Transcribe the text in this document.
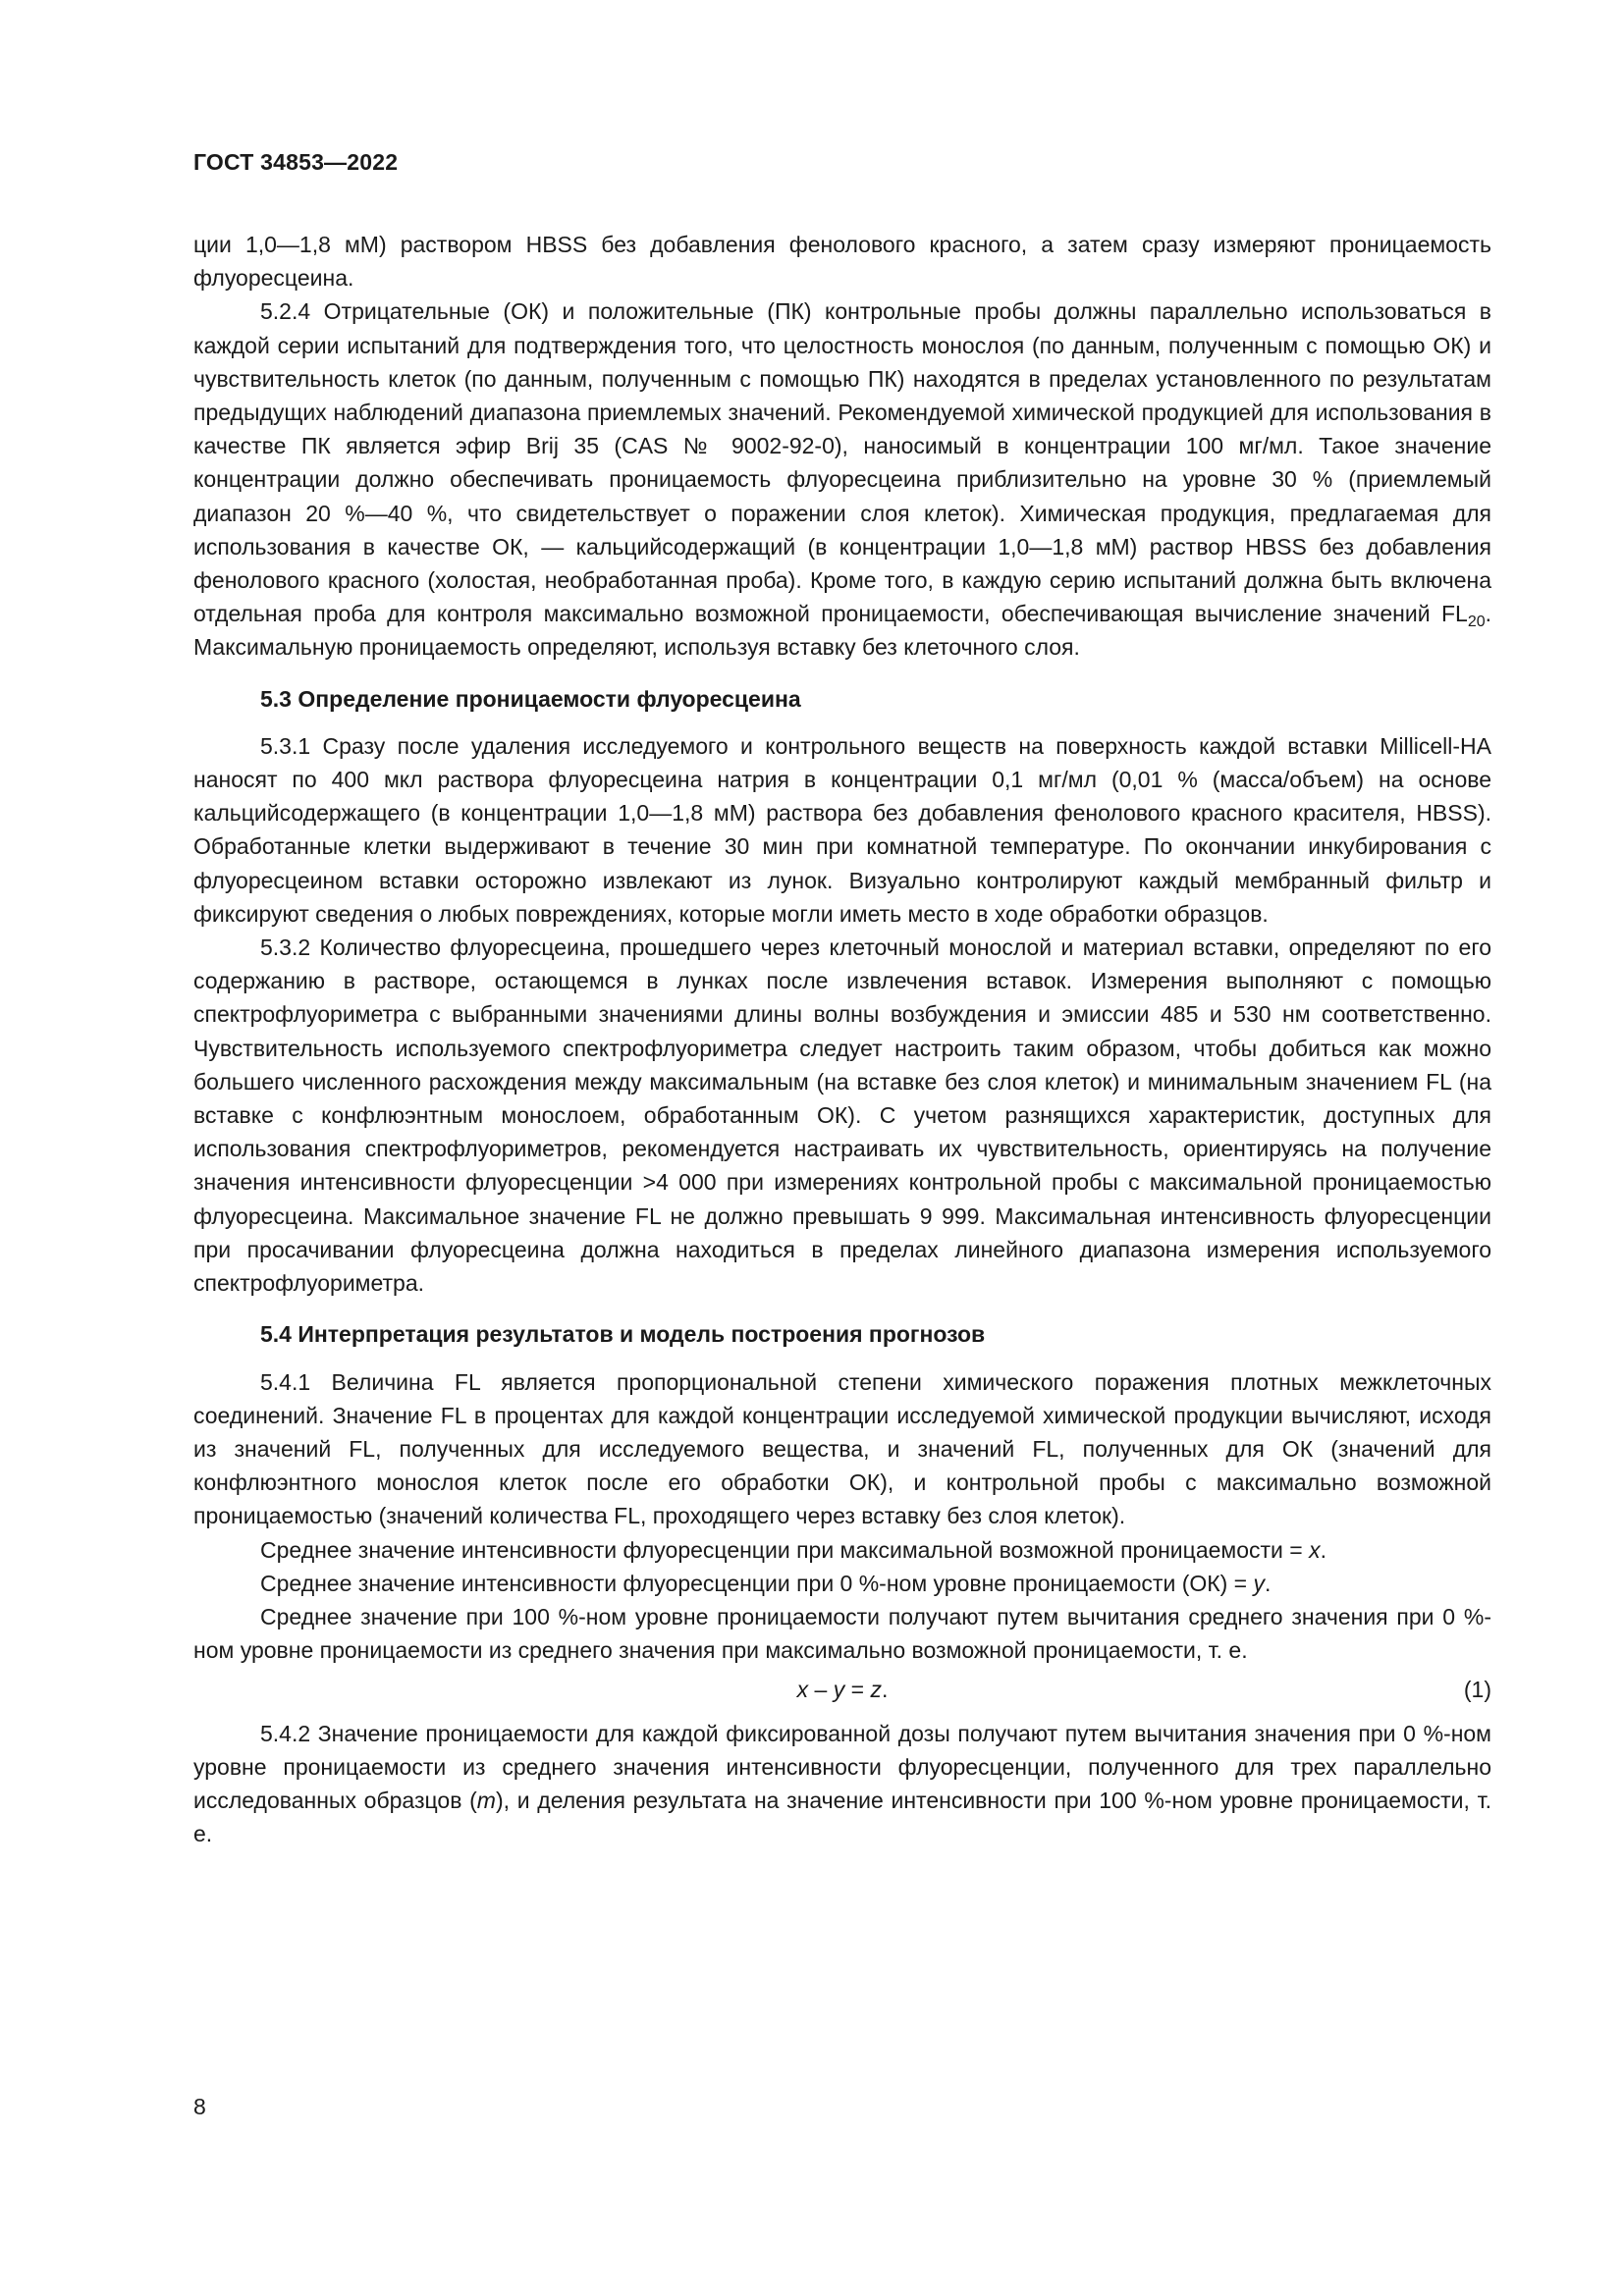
ГОСТ 34853—2022

ции 1,0—1,8 мМ) раствором HBSS без добавления фенолового красного, а затем сразу измеряют проницаемость флуоресцеина.

5.2.4 Отрицательные (ОК) и положительные (ПК) контрольные пробы должны параллельно использоваться в каждой серии испытаний для подтверждения того, что целостность монослоя (по данным, полученным с помощью ОК) и чувствительность клеток (по данным, полученным с помощью ПК) находятся в пределах установленного по результатам предыдущих наблюдений диапазона приемлемых значений. Рекомендуемой химической продукцией для использования в качестве ПК является эфир Brij 35 (CAS № 9002-92-0), наносимый в концентрации 100 мг/мл. Такое значение концентрации должно обеспечивать проницаемость флуоресцеина приблизительно на уровне 30 % (приемлемый диапазон 20 %—40 %, что свидетельствует о поражении слоя клеток). Химическая продукция, предлагаемая для использования в качестве ОК, — кальцийсодержащий (в концентрации 1,0—1,8 мМ) раствор HBSS без добавления фенолового красного (холостая, необработанная проба). Кроме того, в каждую серию испытаний должна быть включена отдельная проба для контроля максимально возможной проницаемости, обеспечивающая вычисление значений $FL_{20}$. Максимальную проницаемость определяют, используя вставку без клеточного слоя.

5.3 Определение проницаемости флуоресцеина

5.3.1 Сразу после удаления исследуемого и контрольного веществ на поверхность каждой вставки Millicell-HA наносят по 400 мкл раствора флуоресцеина натрия в концентрации 0,1 мг/мл (0,01 % (масса/объем) на основе кальцийсодержащего (в концентрации 1,0—1,8 мМ) раствора без добавления фенолового красного красителя, HBSS). Обработанные клетки выдерживают в течение 30 мин при комнатной температуре. По окончании инкубирования с флуоресцеином вставки осторожно извлекают из лунок. Визуально контролируют каждый мембранный фильтр и фиксируют сведения о любых повреждениях, которые могли иметь место в ходе обработки образцов.

5.3.2 Количество флуоресцеина, прошедшего через клеточный монослой и материал вставки, определяют по его содержанию в растворе, остающемся в лунках после извлечения вставок. Измерения выполняют с помощью спектрофлуориметра с выбранными значениями длины волны возбуждения и эмиссии 485 и 530 нм соответственно. Чувствительность используемого спектрофлуориметра следует настроить таким образом, чтобы добиться как можно большего численного расхождения между максимальным (на вставке без слоя клеток) и минимальным значением FL (на вставке с конфлюэнтным монослоем, обработанным ОК). С учетом разнящихся характеристик, доступных для использования спектрофлуориметров, рекомендуется настраивать их чувствительность, ориентируясь на получение значения интенсивности флуоресценции >4 000 при измерениях контрольной пробы с максимальной проницаемостью флуоресцеина. Максимальное значение FL не должно превышать 9 999. Максимальная интенсивность флуоресценции при просачивании флуоресцеина должна находиться в пределах линейного диапазона измерения используемого спектрофлуориметра.

5.4 Интерпретация результатов и модель построения прогнозов

5.4.1 Величина FL является пропорциональной степени химического поражения плотных межклеточных соединений. Значение FL в процентах для каждой концентрации исследуемой химической продукции вычисляют, исходя из значений FL, полученных для исследуемого вещества, и значений FL, полученных для ОК (значений для конфлюэнтного монослоя клеток после его обработки ОК), и контрольной пробы с максимально возможной проницаемостью (значений количества FL, проходящего через вставку без слоя клеток).

Среднее значение интенсивности флуоресценции при максимальной возможной проницаемости = x.

Среднее значение интенсивности флуоресценции при 0 %-ном уровне проницаемости (ОК) = y.

Среднее значение при 100 %-ном уровне проницаемости получают путем вычитания среднего значения при 0 %-ном уровне проницаемости из среднего значения при максимально возможной проницаемости, т. е.

x – y = z.	(1)

5.4.2 Значение проницаемости для каждой фиксированной дозы получают путем вычитания значения при 0 %-ном уровне проницаемости из среднего значения интенсивности флуоресценции, полученного для трех параллельно исследованных образцов (m), и деления результата на значение интенсивности при 100 %-ном уровне проницаемости, т. е.

8
